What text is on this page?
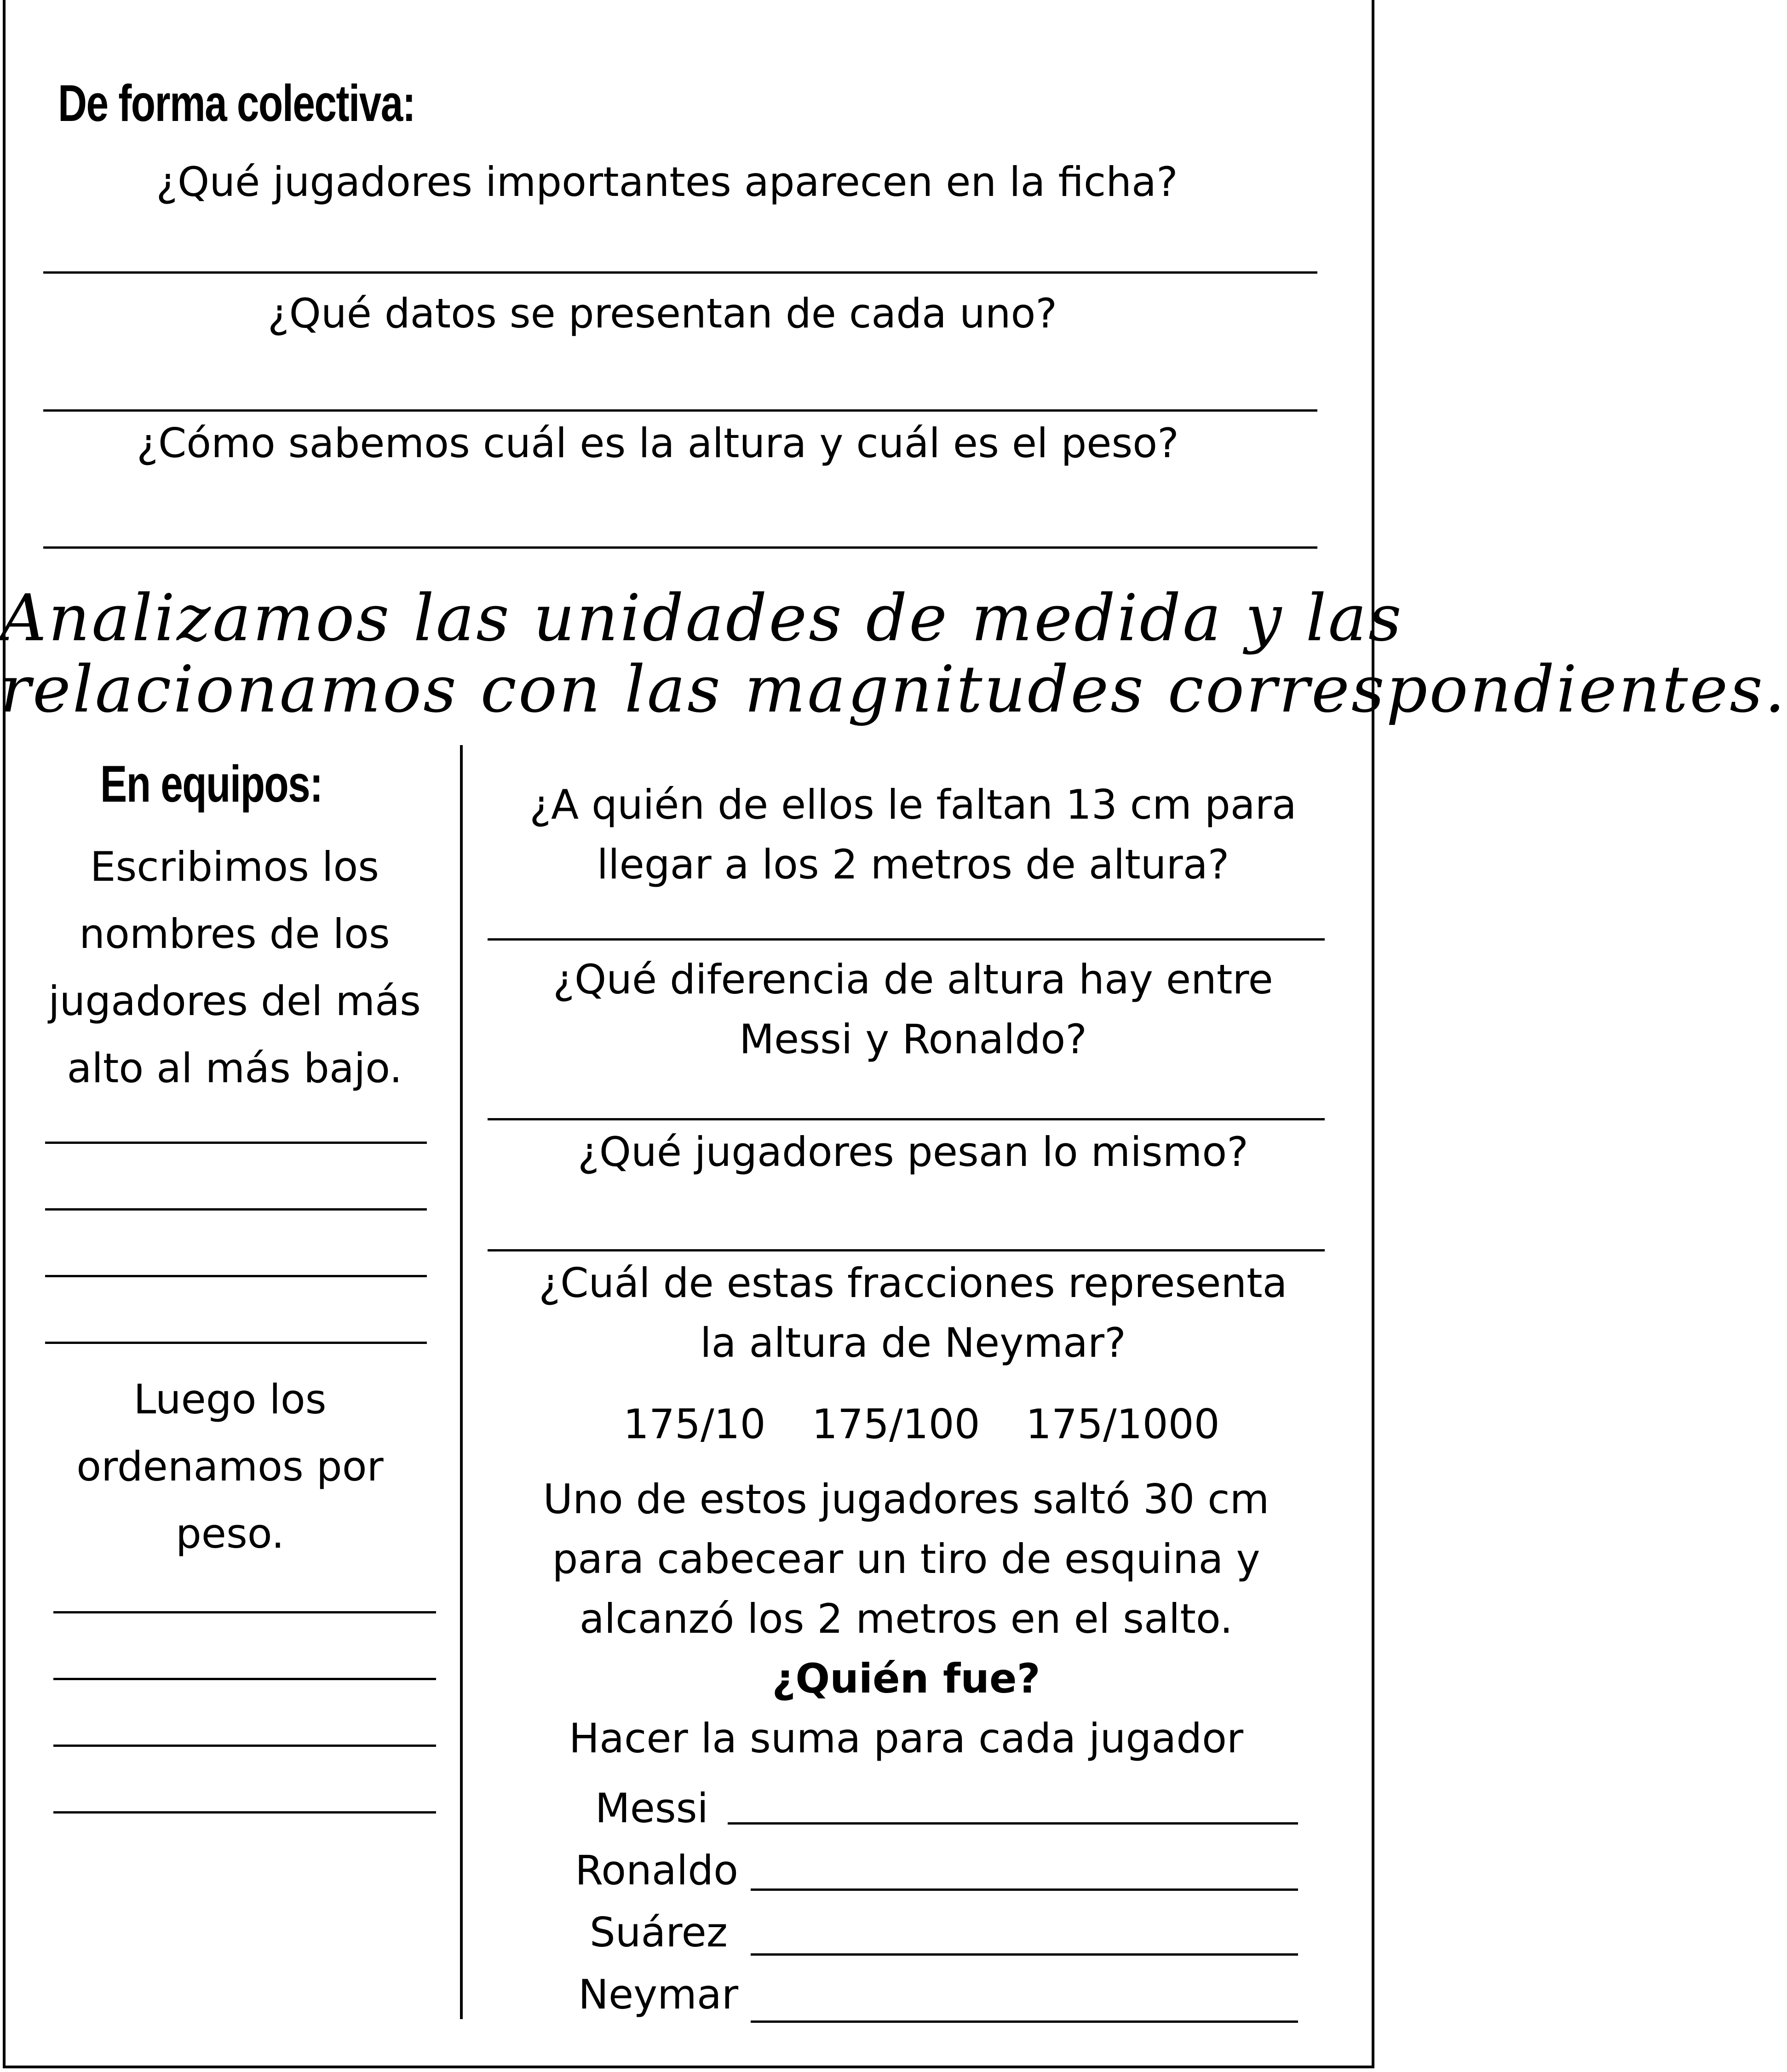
De forma colectiva:
¿Qué jugadores importantes aparecen en la ficha?
¿Qué datos se presentan de cada uno?
¿Cómo sabemos cuál es la altura y cuál es el peso?
Analizamos las unidades de medida y las
relacionamos con las magnitudes correspondientes.
En equipos:
Escribimos los
nombres de los
jugadores del más
alto al más bajo.
Luego los
ordenamos por
peso.
¿A quién de ellos le faltan 13 cm para
llegar a los 2 metros de altura?
¿Qué diferencia de altura hay entre
Messi y Ronaldo?
¿Qué jugadores pesan lo mismo?
¿Cuál de estas fracciones representa
la altura de Neymar?
175/10 175/100 175/1000
Uno de estos jugadores saltó 30 cm
para cabecear un tiro de esquina y
alcanzó los 2 metros en el salto.
¿Quién fue?
Hacer la suma para cada jugador
Messi
Ronaldo
Suárez
Neymar
